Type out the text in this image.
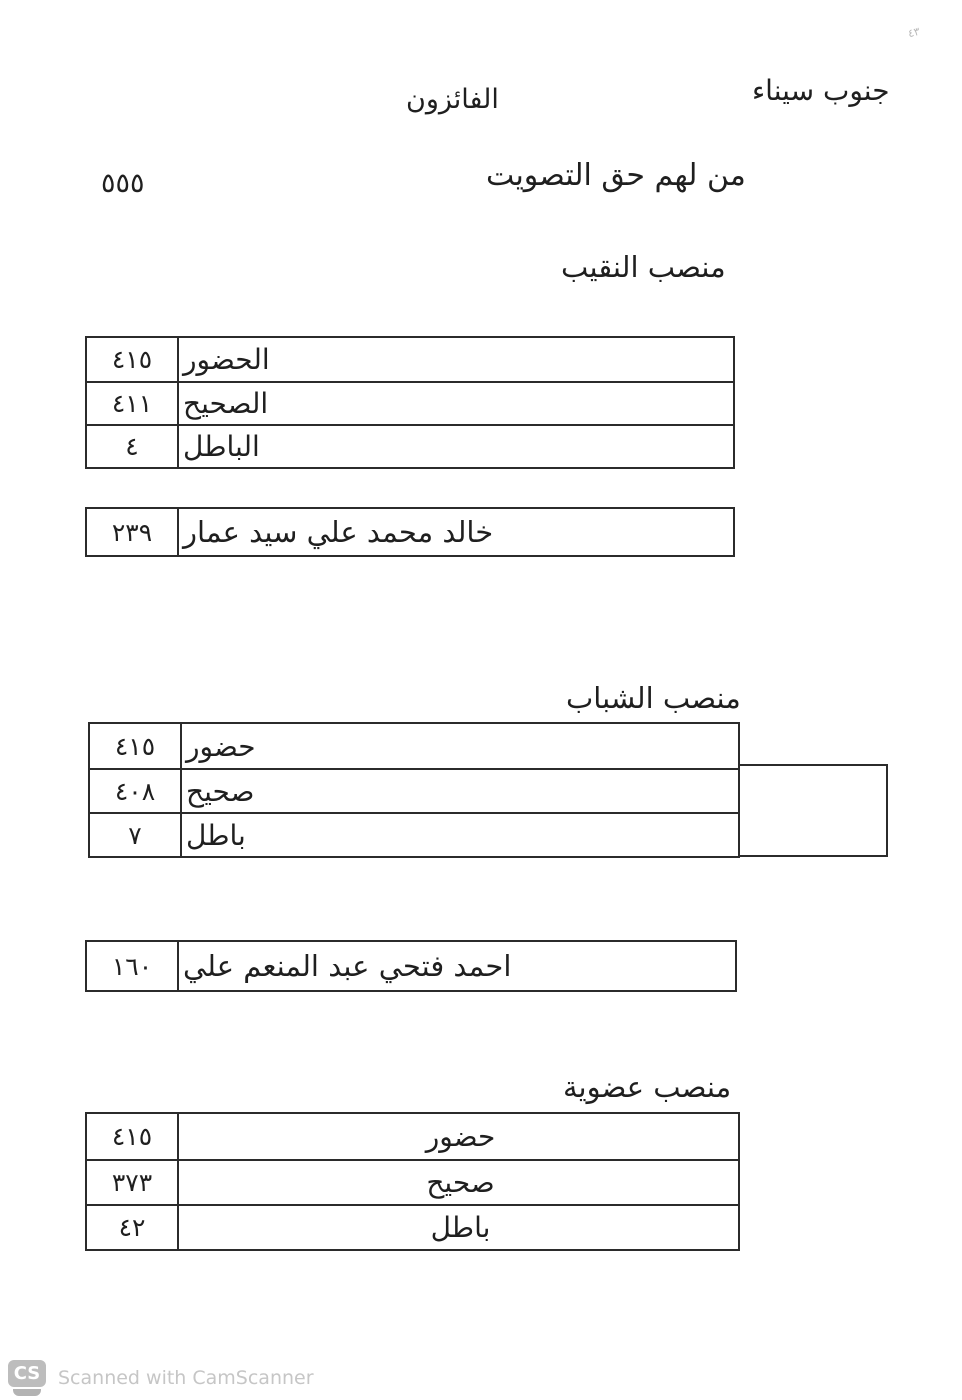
٤٣
جنوب سيناء
الفائزون
من لهم حق التصويت
٥٥٥
منصب النقيب
٤١٥	الحضور
٤١١	الصحيح
٤	الباطل
٢٣٩	خالد محمد علي سيد عمار
منصب الشباب
٤١٥	حضور
٤٠٨	صحيح
٧	باطل
١٦٠	احمد فتحي عبد المنعم علي
منصب عضوية
٤١٥	حضور
٣٧٣	صحيح
٤٢	باطل
CS Scanned with CamScanner
